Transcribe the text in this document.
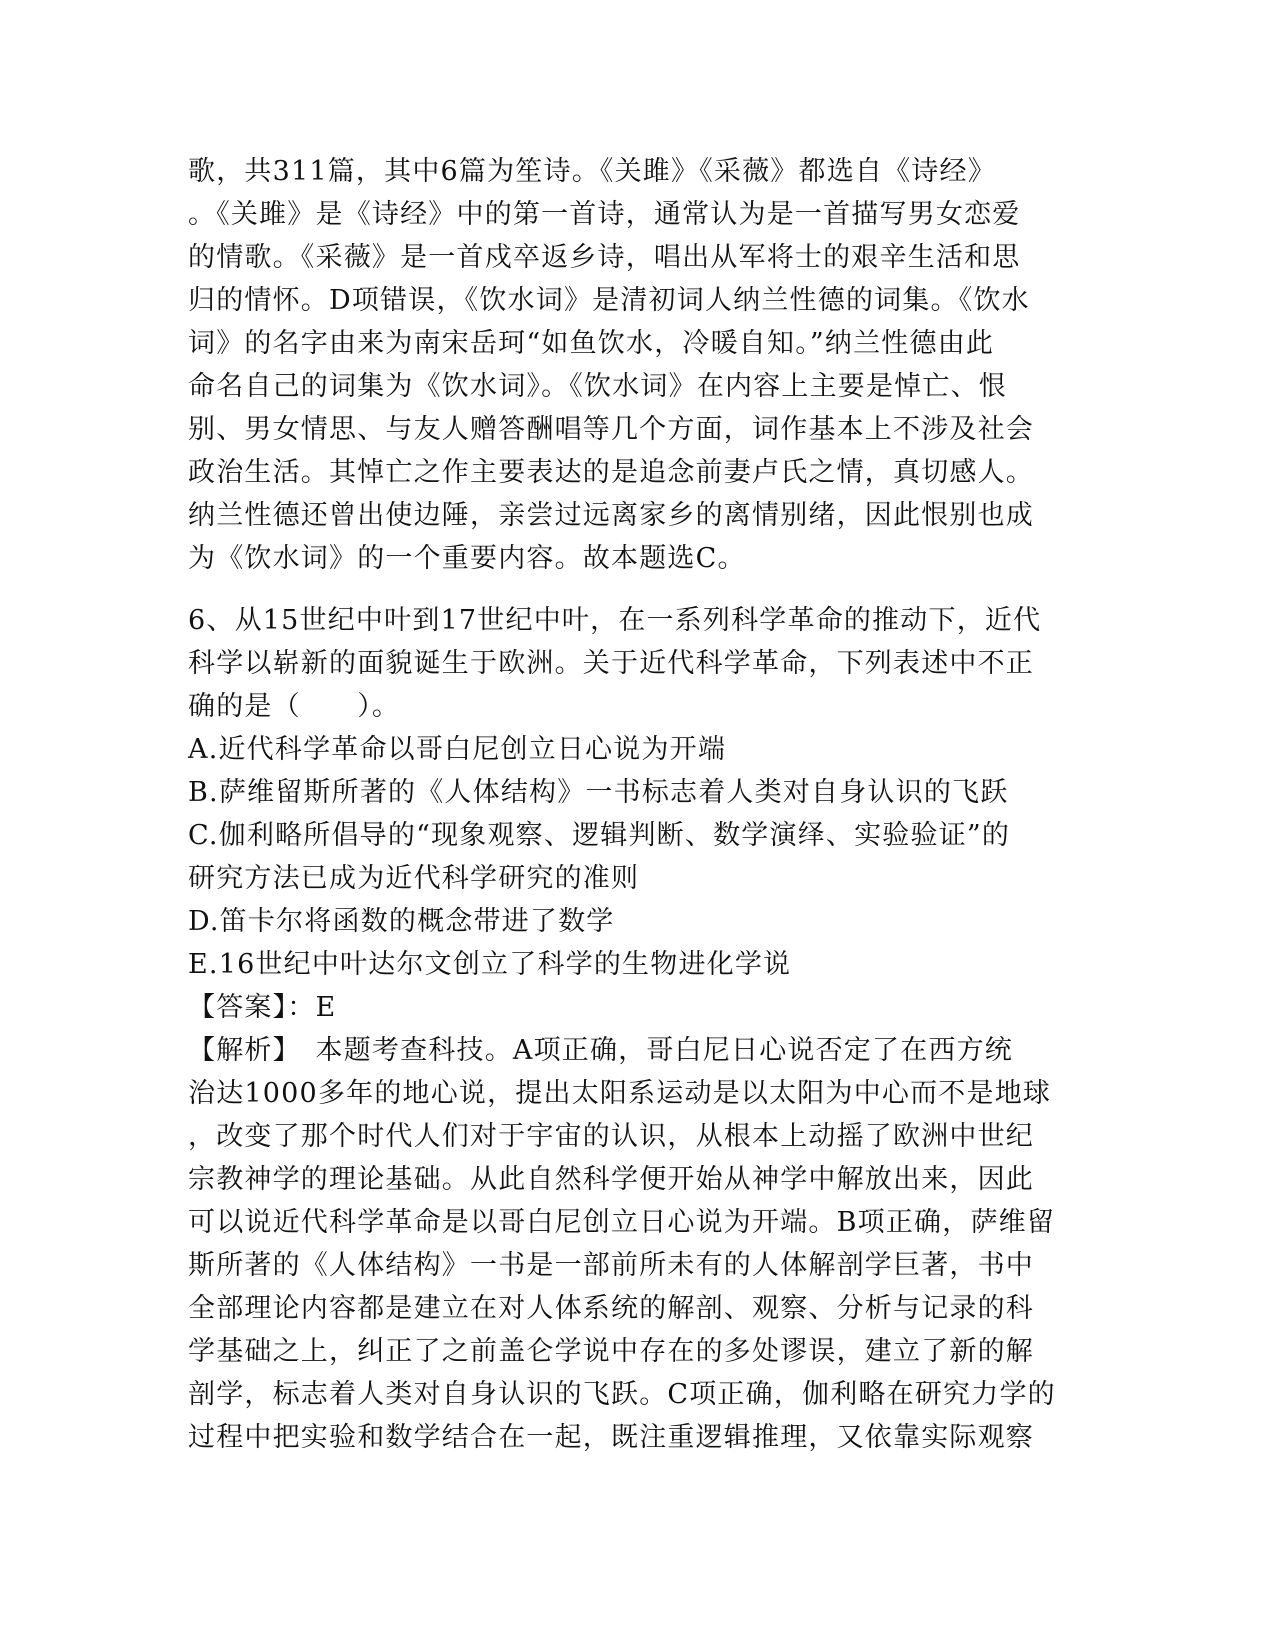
歌，共311篇，其中6篇为笙诗。《关雎》《采薇》都选自《诗经》
。《关雎》是《诗经》中的第一首诗，通常认为是一首描写男女恋爱
的情歌。《采薇》是一首戍卒返乡诗，唱出从军将士的艰辛生活和思
归的情怀。D项错误，《饮水词》是清初词人纳兰性德的词集。《饮水
词》的名字由来为南宋岳珂“如鱼饮水，冷暖自知。”纳兰性德由此
命名自己的词集为《饮水词》。《饮水词》在内容上主要是悼亡、恨
别、男女情思、与友人赠答酬唱等几个方面，词作基本上不涉及社会
政治生活。其悼亡之作主要表达的是追念前妻卢氏之情，真切感人。
纳兰性德还曾出使边陲，亲尝过远离家乡的离情别绪，因此恨别也成
为《饮水词》的一个重要内容。故本题选C。
6、从15世纪中叶到17世纪中叶，在一系列科学革命的推动下，近代
科学以崭新的面貌诞生于欧洲。关于近代科学革命，下列表述中不正
确的是（　　）。
A.近代科学革命以哥白尼创立日心说为开端
B.萨维留斯所著的《人体结构》一书标志着人类对自身认识的飞跃
C.伽利略所倡导的“现象观察、逻辑判断、数学演绎、实验验证”的
研究方法已成为近代科学研究的准则
D.笛卡尔将函数的概念带进了数学
E.16世纪中叶达尔文创立了科学的生物进化学说
【答案】：E
【解析】　本题考查科技。A项正确，哥白尼日心说否定了在西方统
治达1000多年的地心说，提出太阳系运动是以太阳为中心而不是地球
，改变了那个时代人们对于宇宙的认识，从根本上动摇了欧洲中世纪
宗教神学的理论基础。从此自然科学便开始从神学中解放出来，因此
可以说近代科学革命是以哥白尼创立日心说为开端。B项正确，萨维留
斯所著的《人体结构》一书是一部前所未有的人体解剖学巨著，书中
全部理论内容都是建立在对人体系统的解剖、观察、分析与记录的科
学基础之上，纠正了之前盖仑学说中存在的多处谬误，建立了新的解
剖学，标志着人类对自身认识的飞跃。C项正确，伽利略在研究力学的
过程中把实验和数学结合在一起，既注重逻辑推理，又依靠实际观察
